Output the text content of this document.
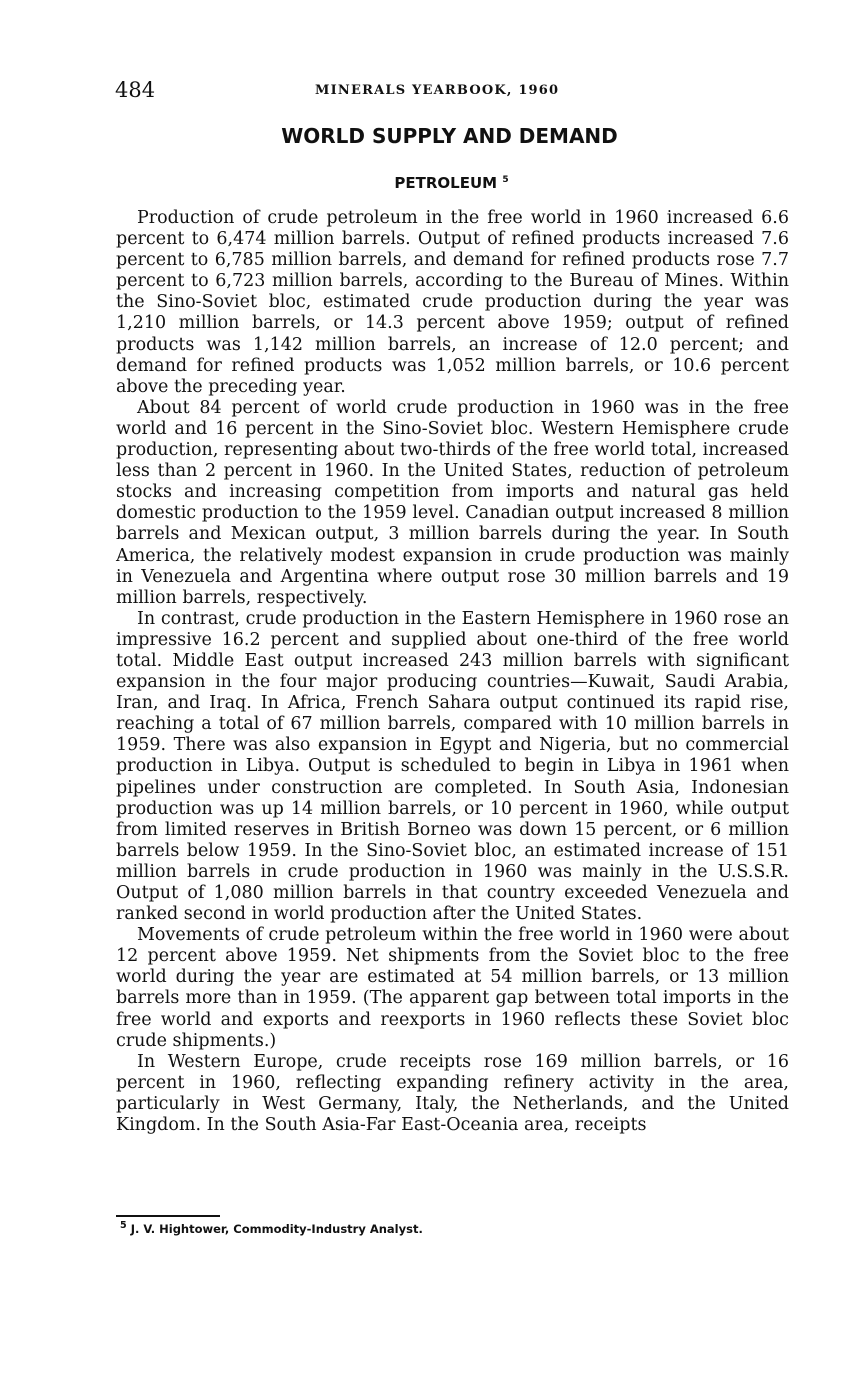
484	MINERALS YEARBOOK, 1960
WORLD SUPPLY AND DEMAND
PETROLEUM $^5$

Production of crude petroleum in the free world in 1960 increased 6.6 percent to 6,474 million barrels. Output of refined products increased 7.6 percent to 6,785 million barrels, and demand for refined products rose 7.7 percent to 6,723 million barrels, according to the Bureau of Mines. Within the Sino-Soviet bloc, estimated crude production during the year was 1,210 million barrels, or 14.3 percent above 1959; output of refined products was 1,142 million barrels, an increase of 12.0 percent; and demand for refined products was 1,052 million barrels, or 10.6 percent above the preceding year.

About 84 percent of world crude production in 1960 was in the free world and 16 percent in the Sino-Soviet bloc. Western Hemisphere crude production, representing about two-thirds of the free world total, increased less than 2 percent in 1960. In the United States, reduction of petroleum stocks and increasing competition from imports and natural gas held domestic production to the 1959 level. Canadian output increased 8 million barrels and Mexican output, 3 million barrels during the year. In South America, the relatively modest expansion in crude production was mainly in Venezuela and Argentina where output rose 30 million barrels and 19 million barrels, respectively.

In contrast, crude production in the Eastern Hemisphere in 1960 rose an impressive 16.2 percent and supplied about one-third of the free world total. Middle East output increased 243 million barrels with significant expansion in the four major producing countries—Kuwait, Saudi Arabia, Iran, and Iraq. In Africa, French Sahara output continued its rapid rise, reaching a total of 67 million barrels, compared with 10 million barrels in 1959. There was also expansion in Egypt and Nigeria, but no commercial production in Libya. Output is scheduled to begin in Libya in 1961 when pipelines under construction are completed. In South Asia, Indonesian production was up 14 million barrels, or 10 percent in 1960, while output from limited reserves in British Borneo was down 15 percent, or 6 million barrels below 1959. In the Sino-Soviet bloc, an estimated increase of 151 million barrels in crude production in 1960 was mainly in the U.S.S.R. Output of 1,080 million barrels in that country exceeded Venezuela and ranked second in world production after the United States.

Movements of crude petroleum within the free world in 1960 were about 12 percent above 1959. Net shipments from the Soviet bloc to the free world during the year are estimated at 54 million barrels, or 13 million barrels more than in 1959. (The apparent gap between total imports in the free world and exports and reexports in 1960 reflects these Soviet bloc crude shipments.)

In Western Europe, crude receipts rose 169 million barrels, or 16 percent in 1960, reflecting expanding refinery activity in the area, particularly in West Germany, Italy, the Netherlands, and the United Kingdom. In the South Asia-Far East-Oceania area, receipts

$^5$ J. V. Hightower, Commodity-Industry Analyst.
